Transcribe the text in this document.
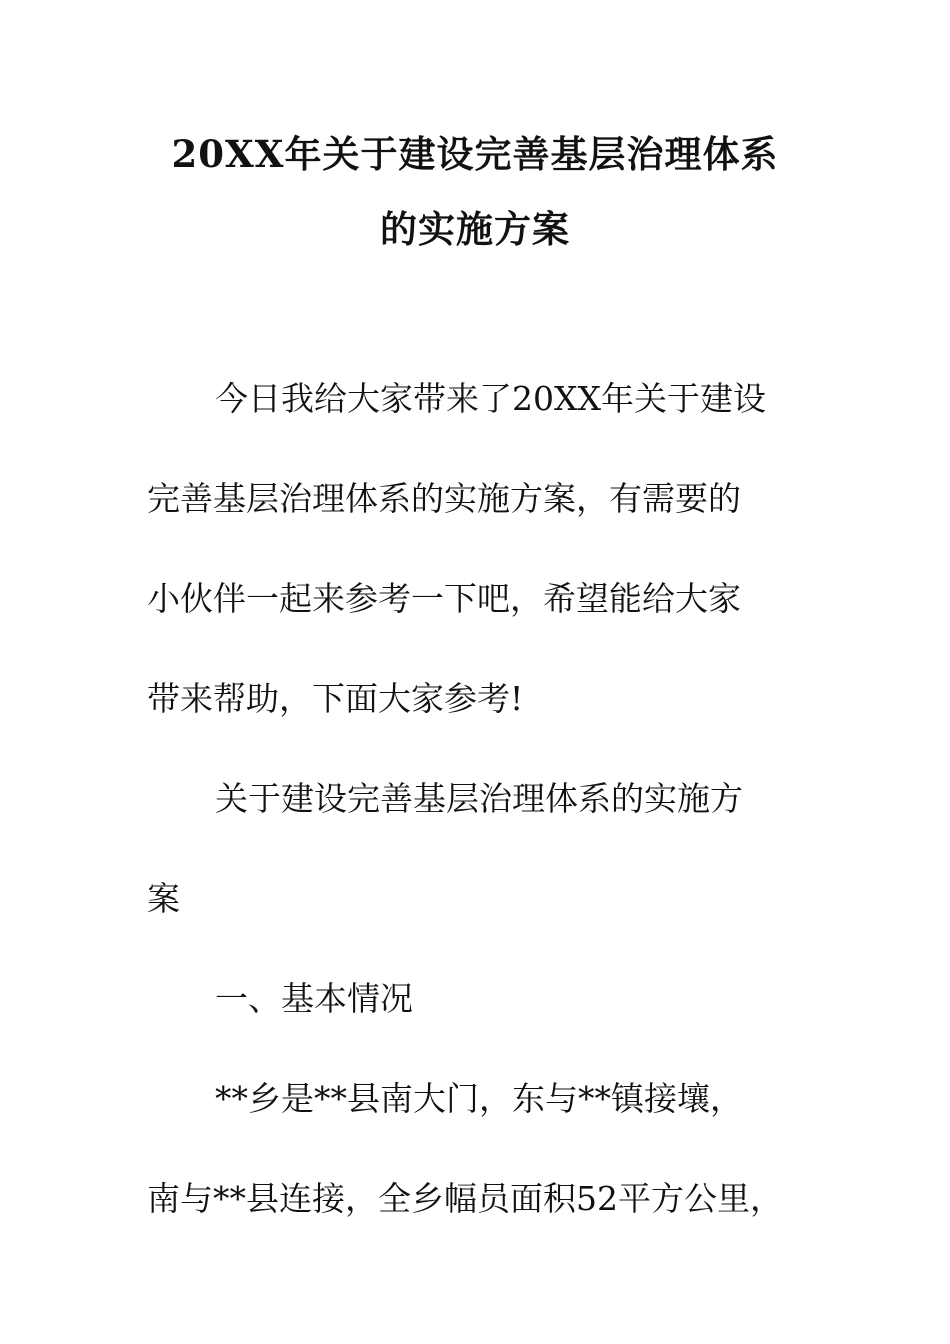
20XX年关于建设完善基层治理体系
的实施方案
今日我给大家带来了20XX年关于建设
完善基层治理体系的实施方案，有需要的
小伙伴一起来参考一下吧，希望能给大家
带来帮助，下面大家参考!
关于建设完善基层治理体系的实施方
案
一、基本情况
**乡是**县南大门，东与**镇接壤，
南与**县连接，全乡幅员面积52平方公里，
